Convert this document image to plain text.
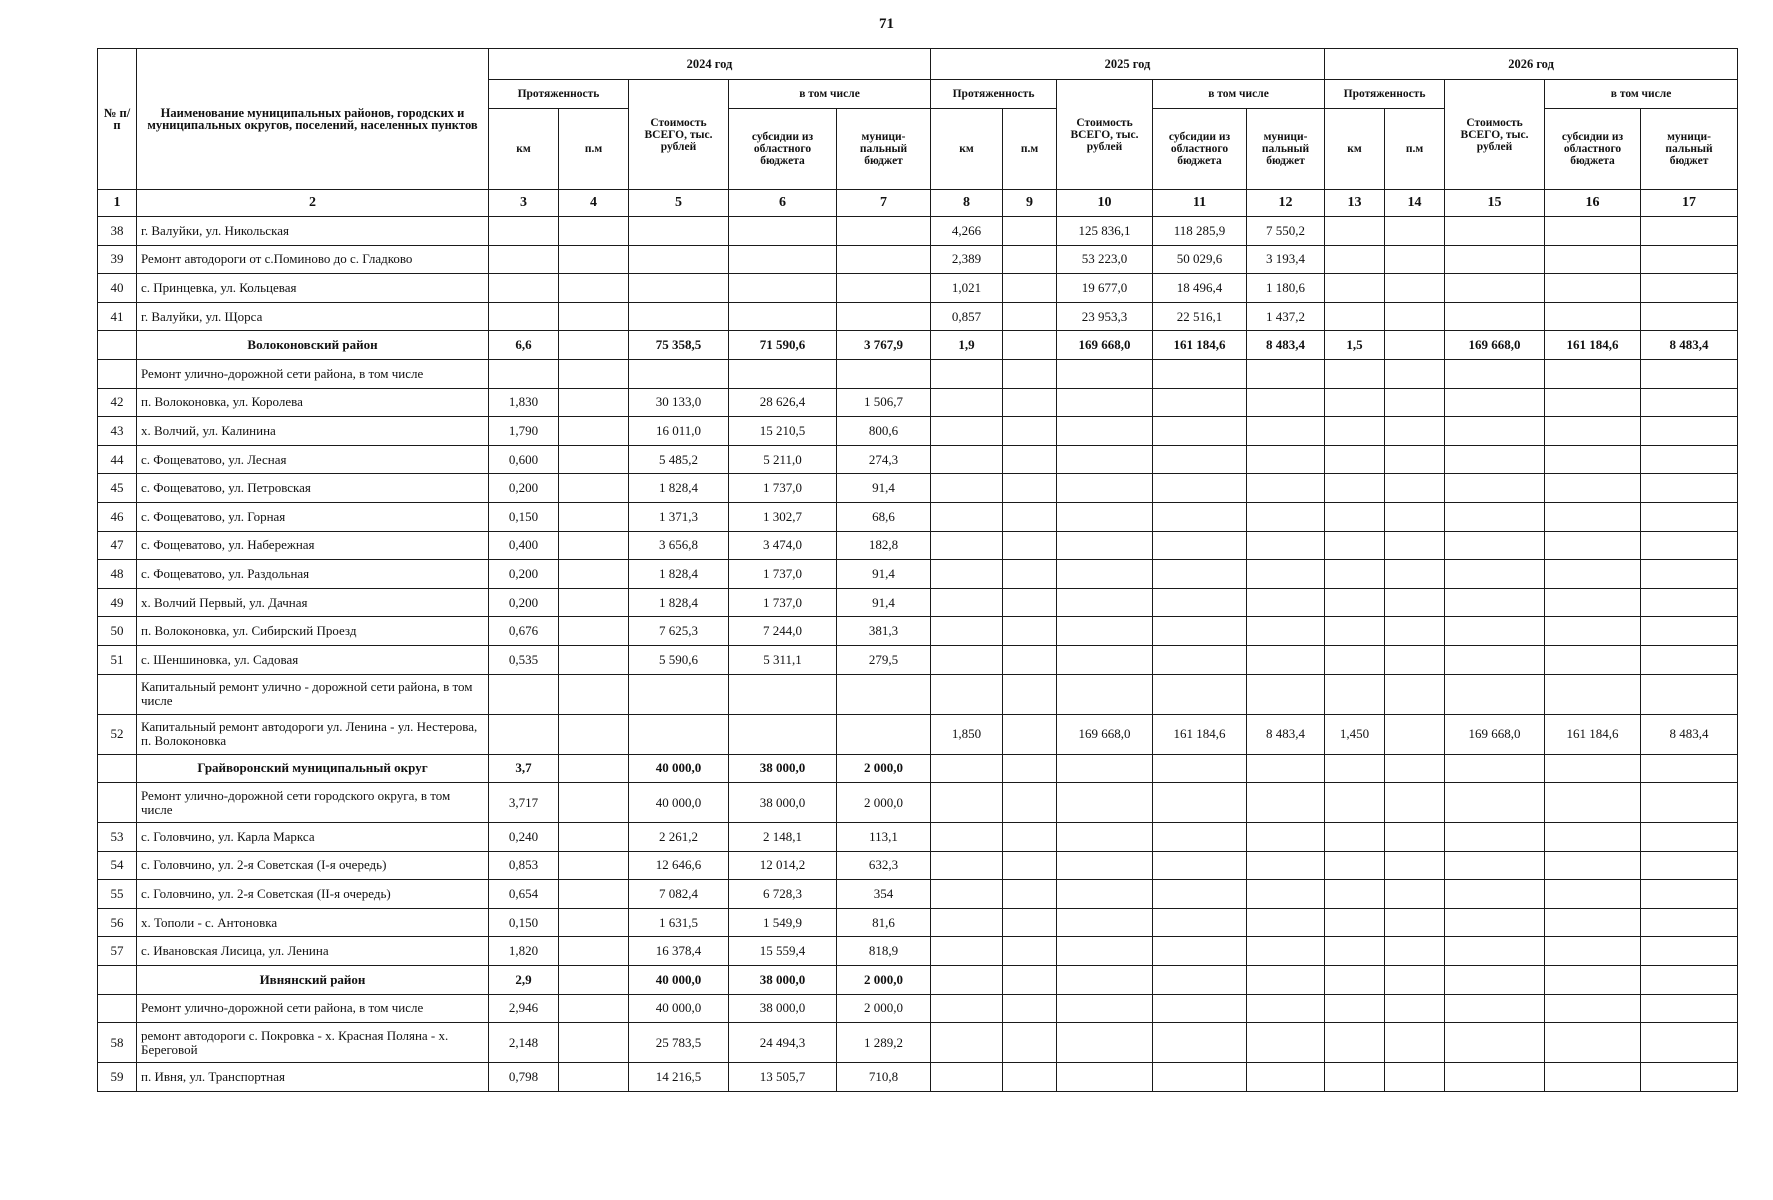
71
№ п/п	Наименование муниципальных районов, городских и муниципальных округов, поселений, населенных пунктов	2024 год					2025 год					2026 год				
		Протяженность		Стоимость ВСЕГО, тыс. рублей	в том числе		Протяженность		Стоимость ВСЕГО, тыс. рублей	в том числе		Протяженность		Стоимость ВСЕГО, тыс. рублей	в том числе	
		км	п.м		субсидии из областного бюджета	муници-пальный бюджет	км	п.м		субсидии из областного бюджета	муници-пальный бюджет	км	п.м		субсидии из областного бюджета	муници-пальный бюджет
1	2	3	4	5	6	7	8	9	10	11	12	13	14	15	16	17
38	г. Валуйки, ул. Никольская						4,266		125 836,1	118 285,9	7 550,2					
39	Ремонт автодороги от с.Поминово до с. Гладково						2,389		53 223,0	50 029,6	3 193,4					
40	с. Принцевка, ул. Кольцевая						1,021		19 677,0	18 496,4	1 180,6					
41	г. Валуйки, ул. Щорса						0,857		23 953,3	22 516,1	1 437,2					
	Волоконовский район	6,6		75 358,5	71 590,6	3 767,9	1,9		169 668,0	161 184,6	8 483,4	1,5		169 668,0	161 184,6	8 483,4
	Ремонт улично-дорожной сети района, в том числе															
42	п. Волоконовка, ул. Королева	1,830		30 133,0	28 626,4	1 506,7										
43	х. Волчий, ул. Калинина	1,790		16 011,0	15 210,5	800,6										
44	с. Фощеватово, ул. Лесная	0,600		5 485,2	5 211,0	274,3										
45	с. Фощеватово, ул. Петровская	0,200		1 828,4	1 737,0	91,4										
46	с. Фощеватово, ул. Горная	0,150		1 371,3	1 302,7	68,6										
47	с. Фощеватово, ул. Набережная	0,400		3 656,8	3 474,0	182,8										
48	с. Фощеватово, ул. Раздольная	0,200		1 828,4	1 737,0	91,4										
49	х. Волчий Первый, ул. Дачная	0,200		1 828,4	1 737,0	91,4										
50	п. Волоконовка, ул. Сибирский Проезд	0,676		7 625,3	7 244,0	381,3										
51	с. Шеншиновка, ул. Садовая	0,535		5 590,6	5 311,1	279,5										
	Капитальный ремонт улично - дорожной сети района, в том числе															
52	Капитальный ремонт автодороги ул. Ленина - ул. Нестерова, п. Волоконовка						1,850		169 668,0	161 184,6	8 483,4	1,450		169 668,0	161 184,6	8 483,4
	Грайворонский муниципальный округ	3,7		40 000,0	38 000,0	2 000,0										
	Ремонт улично-дорожной сети городского округа, в том числе	3,717		40 000,0	38 000,0	2 000,0										
53	с. Головчино, ул. Карла Маркса	0,240		2 261,2	2 148,1	113,1										
54	с. Головчино, ул. 2-я Советская (I-я очередь)	0,853		12 646,6	12 014,2	632,3										
55	с. Головчино, ул. 2-я Советская (II-я очередь)	0,654		7 082,4	6 728,3	354										
56	х. Тополи - с. Антоновка	0,150		1 631,5	1 549,9	81,6										
57	с. Ивановская Лисица, ул. Ленина	1,820		16 378,4	15 559,4	818,9										
	Ивнянский район	2,9		40 000,0	38 000,0	2 000,0										
	Ремонт улично-дорожной сети района, в том числе	2,946		40 000,0	38 000,0	2 000,0										
58	ремонт автодороги с. Покровка - х. Красная Поляна - х. Береговой	2,148		25 783,5	24 494,3	1 289,2										
59	п. Ивня, ул. Транспортная	0,798		14 216,5	13 505,7	710,8										
